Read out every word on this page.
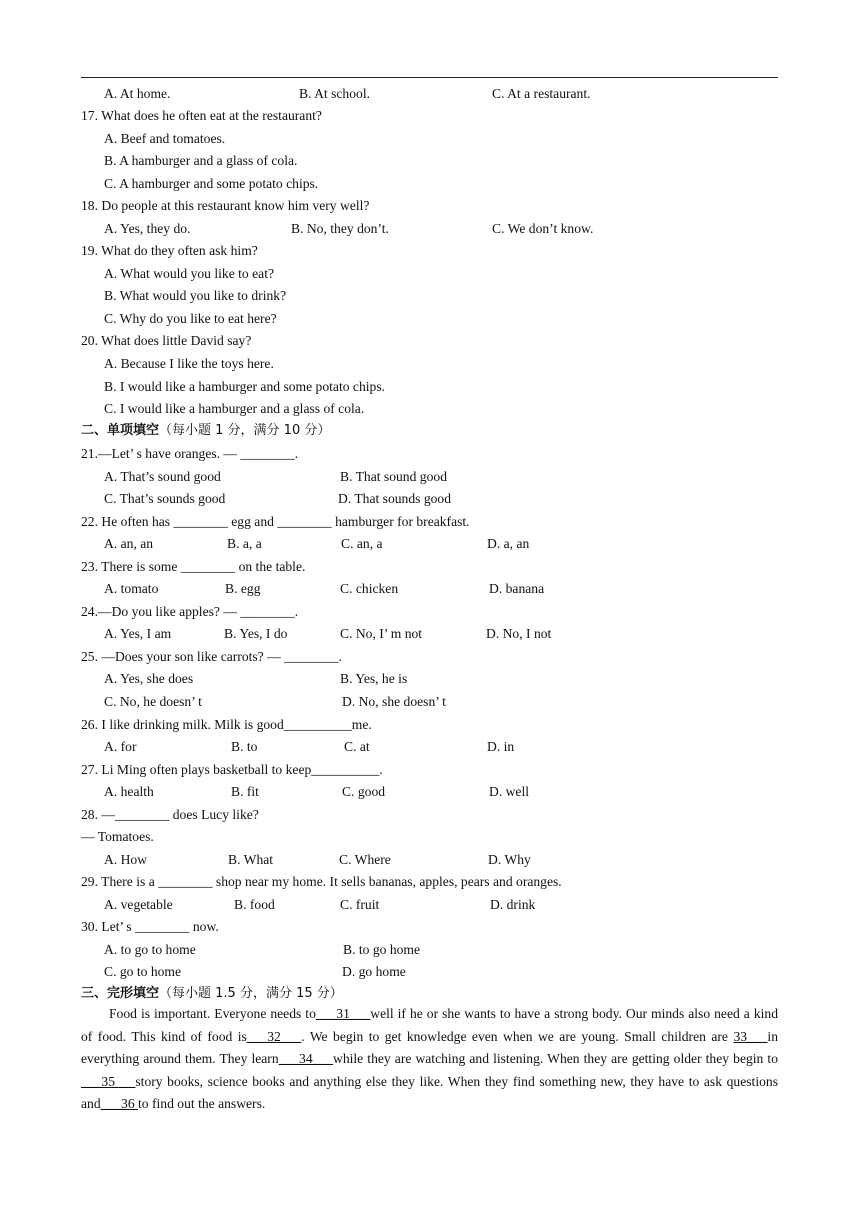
A. At home.	B. At school.	C. At a restaurant.
17. What does he often eat at the restaurant?
A. Beef and tomatoes.
B. A hamburger and a glass of cola.
C. A hamburger and some potato chips.
18. Do people at this restaurant know him very well?
A. Yes, they do.	B. No, they don’t.	C. We don’t know.
19. What do they often ask him?
A. What would you like to eat?
B. What would you like to drink?
C. Why do you like to eat here?
20. What does little David say?
A. Because I like the toys here.
B. I would like a hamburger and some potato chips.
C. I would like a hamburger and a glass of cola.
二、单项填空（每小题 1 分，满分 10 分）
21.—Let’ s have oranges. — ________.
A. That’s sound good	B. That sound good
C. That’s sounds good	D. That sounds good
22. He often has ________ egg and ________ hamburger for breakfast.
A. an, an	B. a, a	C. an, a	D. a, an
23. There is some ________ on the table.
A. tomato	B. egg	C. chicken	D. banana
24.—Do you like apples? — ________.
A. Yes, I am	B. Yes, I do	C. No, I’ m not	D. No, I not
25. —Does your son like carrots? — ________.
A. Yes, she does	B. Yes, he is
C. No, he doesn’ t	D. No, she doesn’ t
26. I like drinking milk. Milk is good__________me.
A. for	B. to	C. at	D. in
27. Li Ming often plays basketball to keep__________.
A. health	B. fit	C. good	D. well
28. —________ does Lucy like?
— Tomatoes.
A. How	B. What	C. Where	D. Why
29. There is a ________ shop near my home. It sells bananas, apples, pears and oranges.
A. vegetable	B. food	C. fruit	D. drink
30. Let’ s ________ now.
A. to go to home	B. to go home
C. go to home	D. go home
三、完形填空（每小题 1.5 分，满分 15 分）
Food is important. Everyone needs to___31___well if he or she wants to have a strong body. Our minds also need a kind of food. This kind of food is___32___. We begin to get knowledge even when we are young. Small children are 33___in everything around them. They learn___34___while they are watching and listening. When they are getting older they begin to ___35___story books, science books and anything else they like. When they find something new, they have to ask questions and___36 to find out the answers.
